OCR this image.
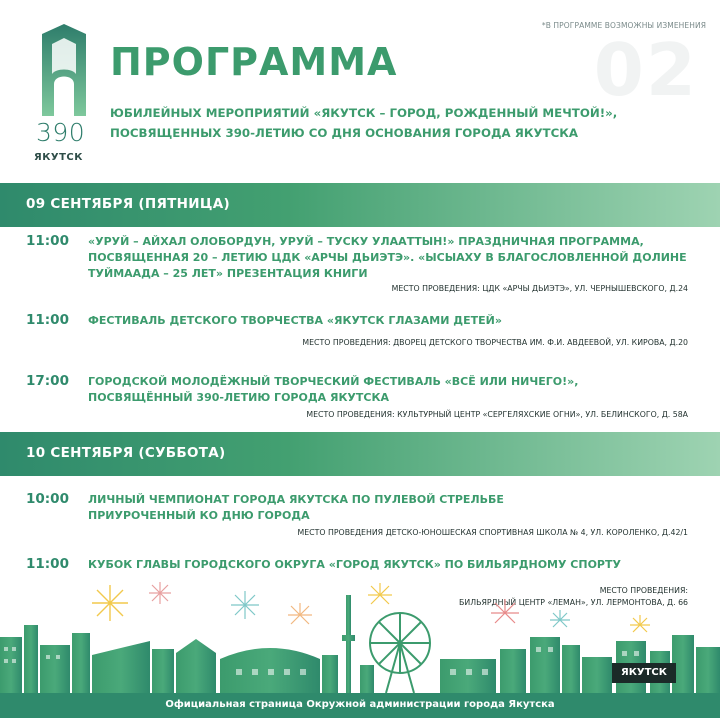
02
*В ПРОГРАММЕ ВОЗМОЖНЫ ИЗМЕНЕНИЯ
390
ЯКУТСК
ПРОГРАММА
ЮБИЛЕЙНЫХ МЕРОПРИЯТИЙ «ЯКУТСК – ГОРОД, РОЖДЕННЫЙ МЕЧТОЙ!»,
ПОСВЯЩЕННЫХ 390-ЛЕТИЮ СО ДНЯ ОСНОВАНИЯ ГОРОДА ЯКУТСКА
09 СЕНТЯБРЯ (ПЯТНИЦА)
11:00 «УРУЙ – АЙХАЛ ОЛОБОРДУН, УРУЙ – ТУСКУ УЛААТТЫН!» ПРАЗДНИЧНАЯ ПРОГРАММА,
ПОСВЯЩЕННАЯ 20 – ЛЕТИЮ ЦДК «АРЧЫ ДЬИЭТЭ». «ЫСЫАХУ В БЛАГОСЛОВЛЕННОЙ ДОЛИНЕ
ТУЙМААДА – 25 ЛЕТ» ПРЕЗЕНТАЦИЯ КНИГИ
МЕСТО ПРОВЕДЕНИЯ: ЦДК «АРЧЫ ДЬИЭТЭ», УЛ. ЧЕРНЫШЕВСКОГО, Д.24
11:00 ФЕСТИВАЛЬ ДЕТСКОГО ТВОРЧЕСТВА «ЯКУТСК ГЛАЗАМИ ДЕТЕЙ»
МЕСТО ПРОВЕДЕНИЯ: ДВОРЕЦ ДЕТСКОГО ТВОРЧЕСТВА ИМ. Ф.И. АВДЕЕВОЙ, УЛ. КИРОВА, Д.20
17:00 ГОРОДСКОЙ МОЛОДЁЖНЫЙ ТВОРЧЕСКИЙ ФЕСТИВАЛЬ «ВСЁ ИЛИ НИЧЕГО!»,
ПОСВЯЩЁННЫЙ 390-ЛЕТИЮ ГОРОДА ЯКУТСКА
МЕСТО ПРОВЕДЕНИЯ: КУЛЬТУРНЫЙ ЦЕНТР «СЕРГЕЛЯХСКИЕ ОГНИ», УЛ. БЕЛИНСКОГО, Д. 58А
10 СЕНТЯБРЯ (СУББОТА)
10:00 ЛИЧНЫЙ ЧЕМПИОНАТ ГОРОДА ЯКУТСКА ПО ПУЛЕВОЙ СТРЕЛЬБЕ
ПРИУРОЧЕННЫЙ КО ДНЮ ГОРОДА
МЕСТО ПРОВЕДЕНИЯ ДЕТСКО-ЮНОШЕСКАЯ СПОРТИВНАЯ ШКОЛА № 4, УЛ. КОРОЛЕНКО, Д.42/1
11:00 КУБОК ГЛАВЫ ГОРОДСКОГО ОКРУГА «ГОРОД ЯКУТСК» ПО БИЛЬЯРДНОМУ СПОРТУ
МЕСТО ПРОВЕДЕНИЯ:
БИЛЬЯРДНЫЙ ЦЕНТР «ЛЕМАН», УЛ. ЛЕРМОНТОВА, Д. 66
ЯКУТСК
Официальная страница Окружной администрации города Якутска
